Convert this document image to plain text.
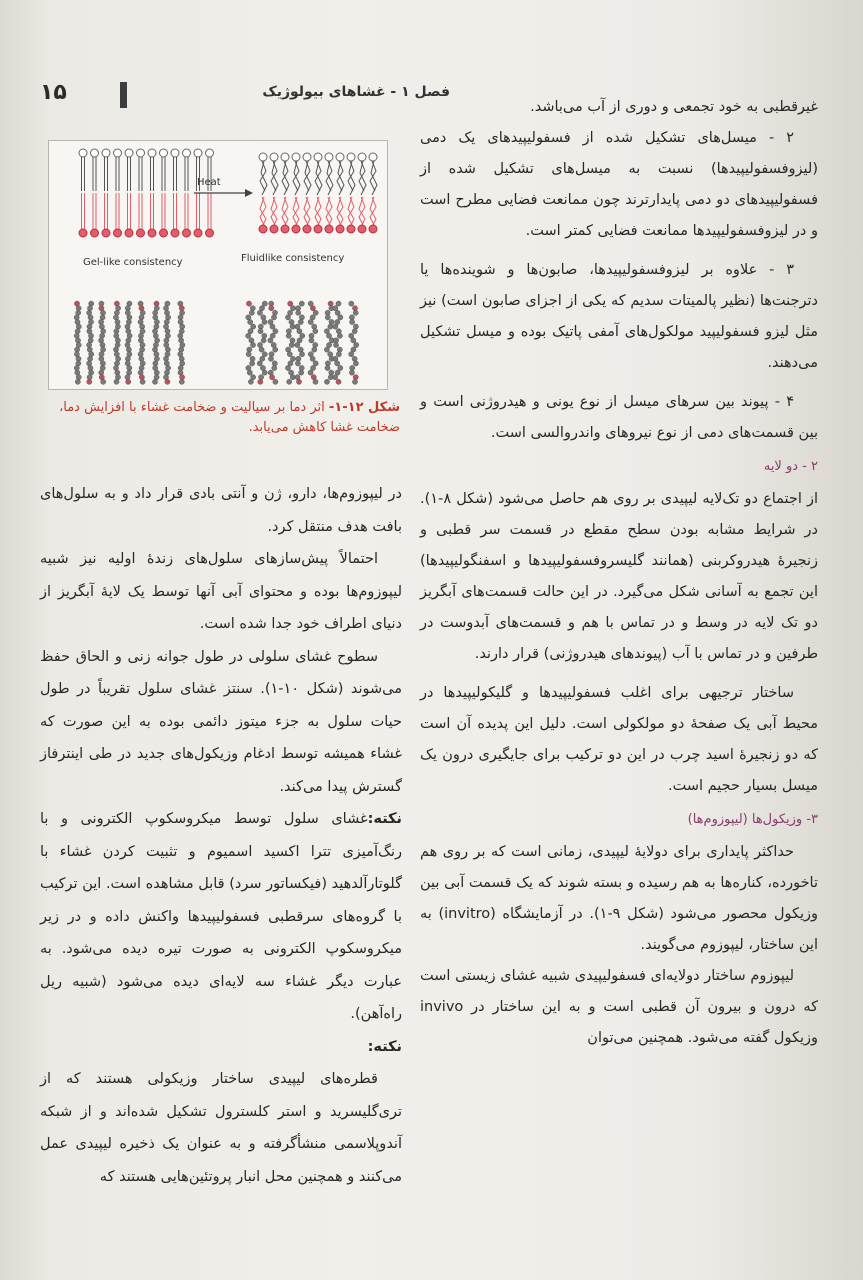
۱۵	فصل ۱ - غشاهای بیولوژیک
Heat
Gel-like consistency	Fluidlike consistency
شکل ۱۲-۱- اثر دما بر سیالیت و ضخامت غشاء با افزایش دما، ضخامت غشا کاهش می‌یابد.

در لیپوزوم‌ها، دارو، ژن و آنتی بادی قرار داد و به سلول‌های بافت هدف منتقل کرد.

احتمالاً پیش‌سازهای سلول‌های زندهٔ اولیه نیز شبیه لیپوزوم‌ها بوده و محتوای آبی آنها توسط یک لایهٔ آبگریز از دنیای اطراف خود جدا شده است.

سطوح غشای سلولی در طول جوانه زنی و الحاق حفظ می‌شوند (شکل ۱۰-۱). سنتز غشای سلول تقریباً در طول حیات سلول به جزء میتوز دائمی بوده به این صورت که غشاء همیشه توسط ادغام وزیکول‌های جدید در طی اینترفاز گسترش پیدا می‌کند.

نکته:غشای سلول توسط میکروسکوپ الکترونی و با رنگ‌آمیزی تترا اکسید اسمیوم و تثبیت کردن غشاء با گلوتارآلدهید (فیکساتور سرد) قابل مشاهده است. این ترکیب با گروه‌های سرقطبی فسفولیپیدها واکنش داده و در زیر میکروسکوپ الکترونی به صورت تیره دیده می‌شود. به عبارت دیگر غشاء سه لایه‌ای دیده می‌شود (شبیه ریل راه‌آهن).

نکته:

قطره‌های لیپیدی ساختار وزیکولی هستند که از تری‌گلیسرید و استر کلسترول تشکیل شده‌اند و از شبکه آندوپلاسمی منشأ‌گرفته و به عنوان یک ذخیره لیپیدی عمل می‌کنند و همچنین محل انبار پروتئین‌هایی هستند که

غیرقطبی به خود تجمعی و دوری از آب می‌باشد.

۲ - میسل‌های تشکیل شده از فسفولیپیدهای یک دمی (لیزوفسفولیپیدها) نسبت به میسل‌های تشکیل شده از فسفولیپیدهای دو دمی پایدارترند چون ممانعت فضایی مطرح است و در لیزوفسفولیپیدها ممانعت فضایی کمتر است.

۳ - علاوه بر لیزوفسفولیپیدها، صابون‌ها و شوینده‌ها یا دترجنت‌ها (نظیر پالمیتات سدیم که یکی از اجزای صابون است) نیز مثل لیزو فسفولیپید مولکول‌های آمفی پاتیک بوده و میسل تشکیل می‌دهند.

۴ - پیوند بین سرهای میسل از نوع یونی و هیدروژنی است و بین قسمت‌های دمی از نوع نیروهای واندروالسی است.

۲ - دو لایه

از اجتماع دو تک‌لایه لیپیدی بر روی هم حاصل می‌شود (شکل ۸-۱). در شرایط مشابه بودن سطح مقطع در قسمت سر قطبی و زنجیرهٔ هیدروکربنی (همانند گلیسروفسفولیپیدها و اسفنگولیپیدها) این تجمع به آسانی شکل می‌گیرد. در این حالت قسمت‌های آبگریز دو تک لایه در وسط و در تماس با هم و قسمت‌های آبدوست در طرفین و در تماس با آب (پیوندهای هیدروژنی) قرار دارند.

ساختار ترجیهی برای اغلب فسفولیپیدها و گلیکولیپیدها در محیط آبی یک صفحهٔ دو مولکولی است. دلیل این پدیده آن است که دو زنجیرهٔ اسید چرب در این دو ترکیب برای جایگیری درون یک میسل بسیار حجیم است.

۳- وزیکول‌ها (لیپوزوم‌ها)

حداکثر پایداری برای دولایهٔ لیپیدی، زمانی است که بر روی هم تاخورده، کناره‌ها به هم رسیده و بسته شوند که یک قسمت آبی بین وزیکول محصور می‌شود (شکل ۹-۱). در آزمایشگاه (invitro) به این ساختار، لیپوزوم می‌گویند.

لیپوزوم ساختار دولایه‌ای فسفولیپیدی شبیه غشای زیستی است که درون و بیرون آن قطبی است و به این ساختار در invivo وزیکول گفته می‌شود. همچنین می‌توان
